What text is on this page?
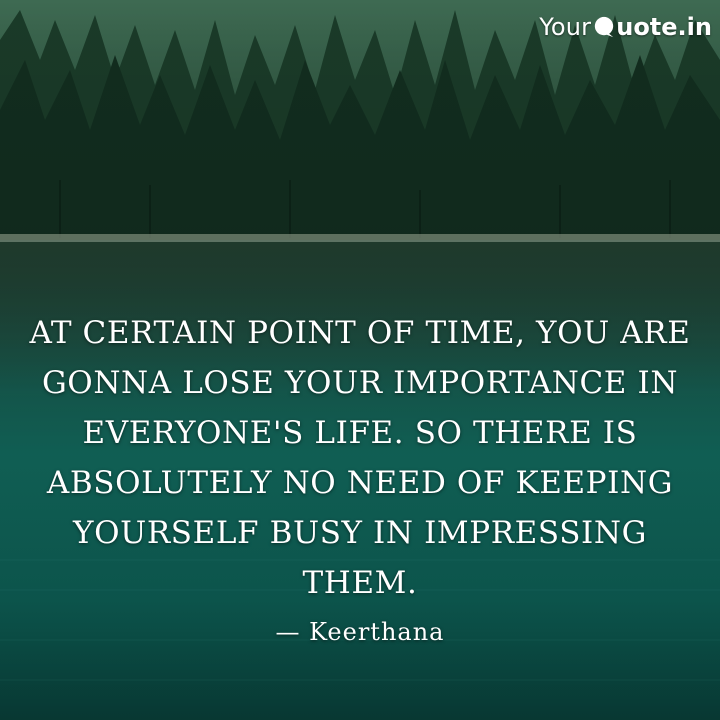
Your uote.in

AT CERTAIN POINT OF TIME, YOU ARE GONNA LOSE YOUR IMPORTANCE IN EVERYONE'S LIFE. SO THERE IS ABSOLUTELY NO NEED OF KEEPING YOURSELF BUSY IN IMPRESSING THEM.

— Keerthana
